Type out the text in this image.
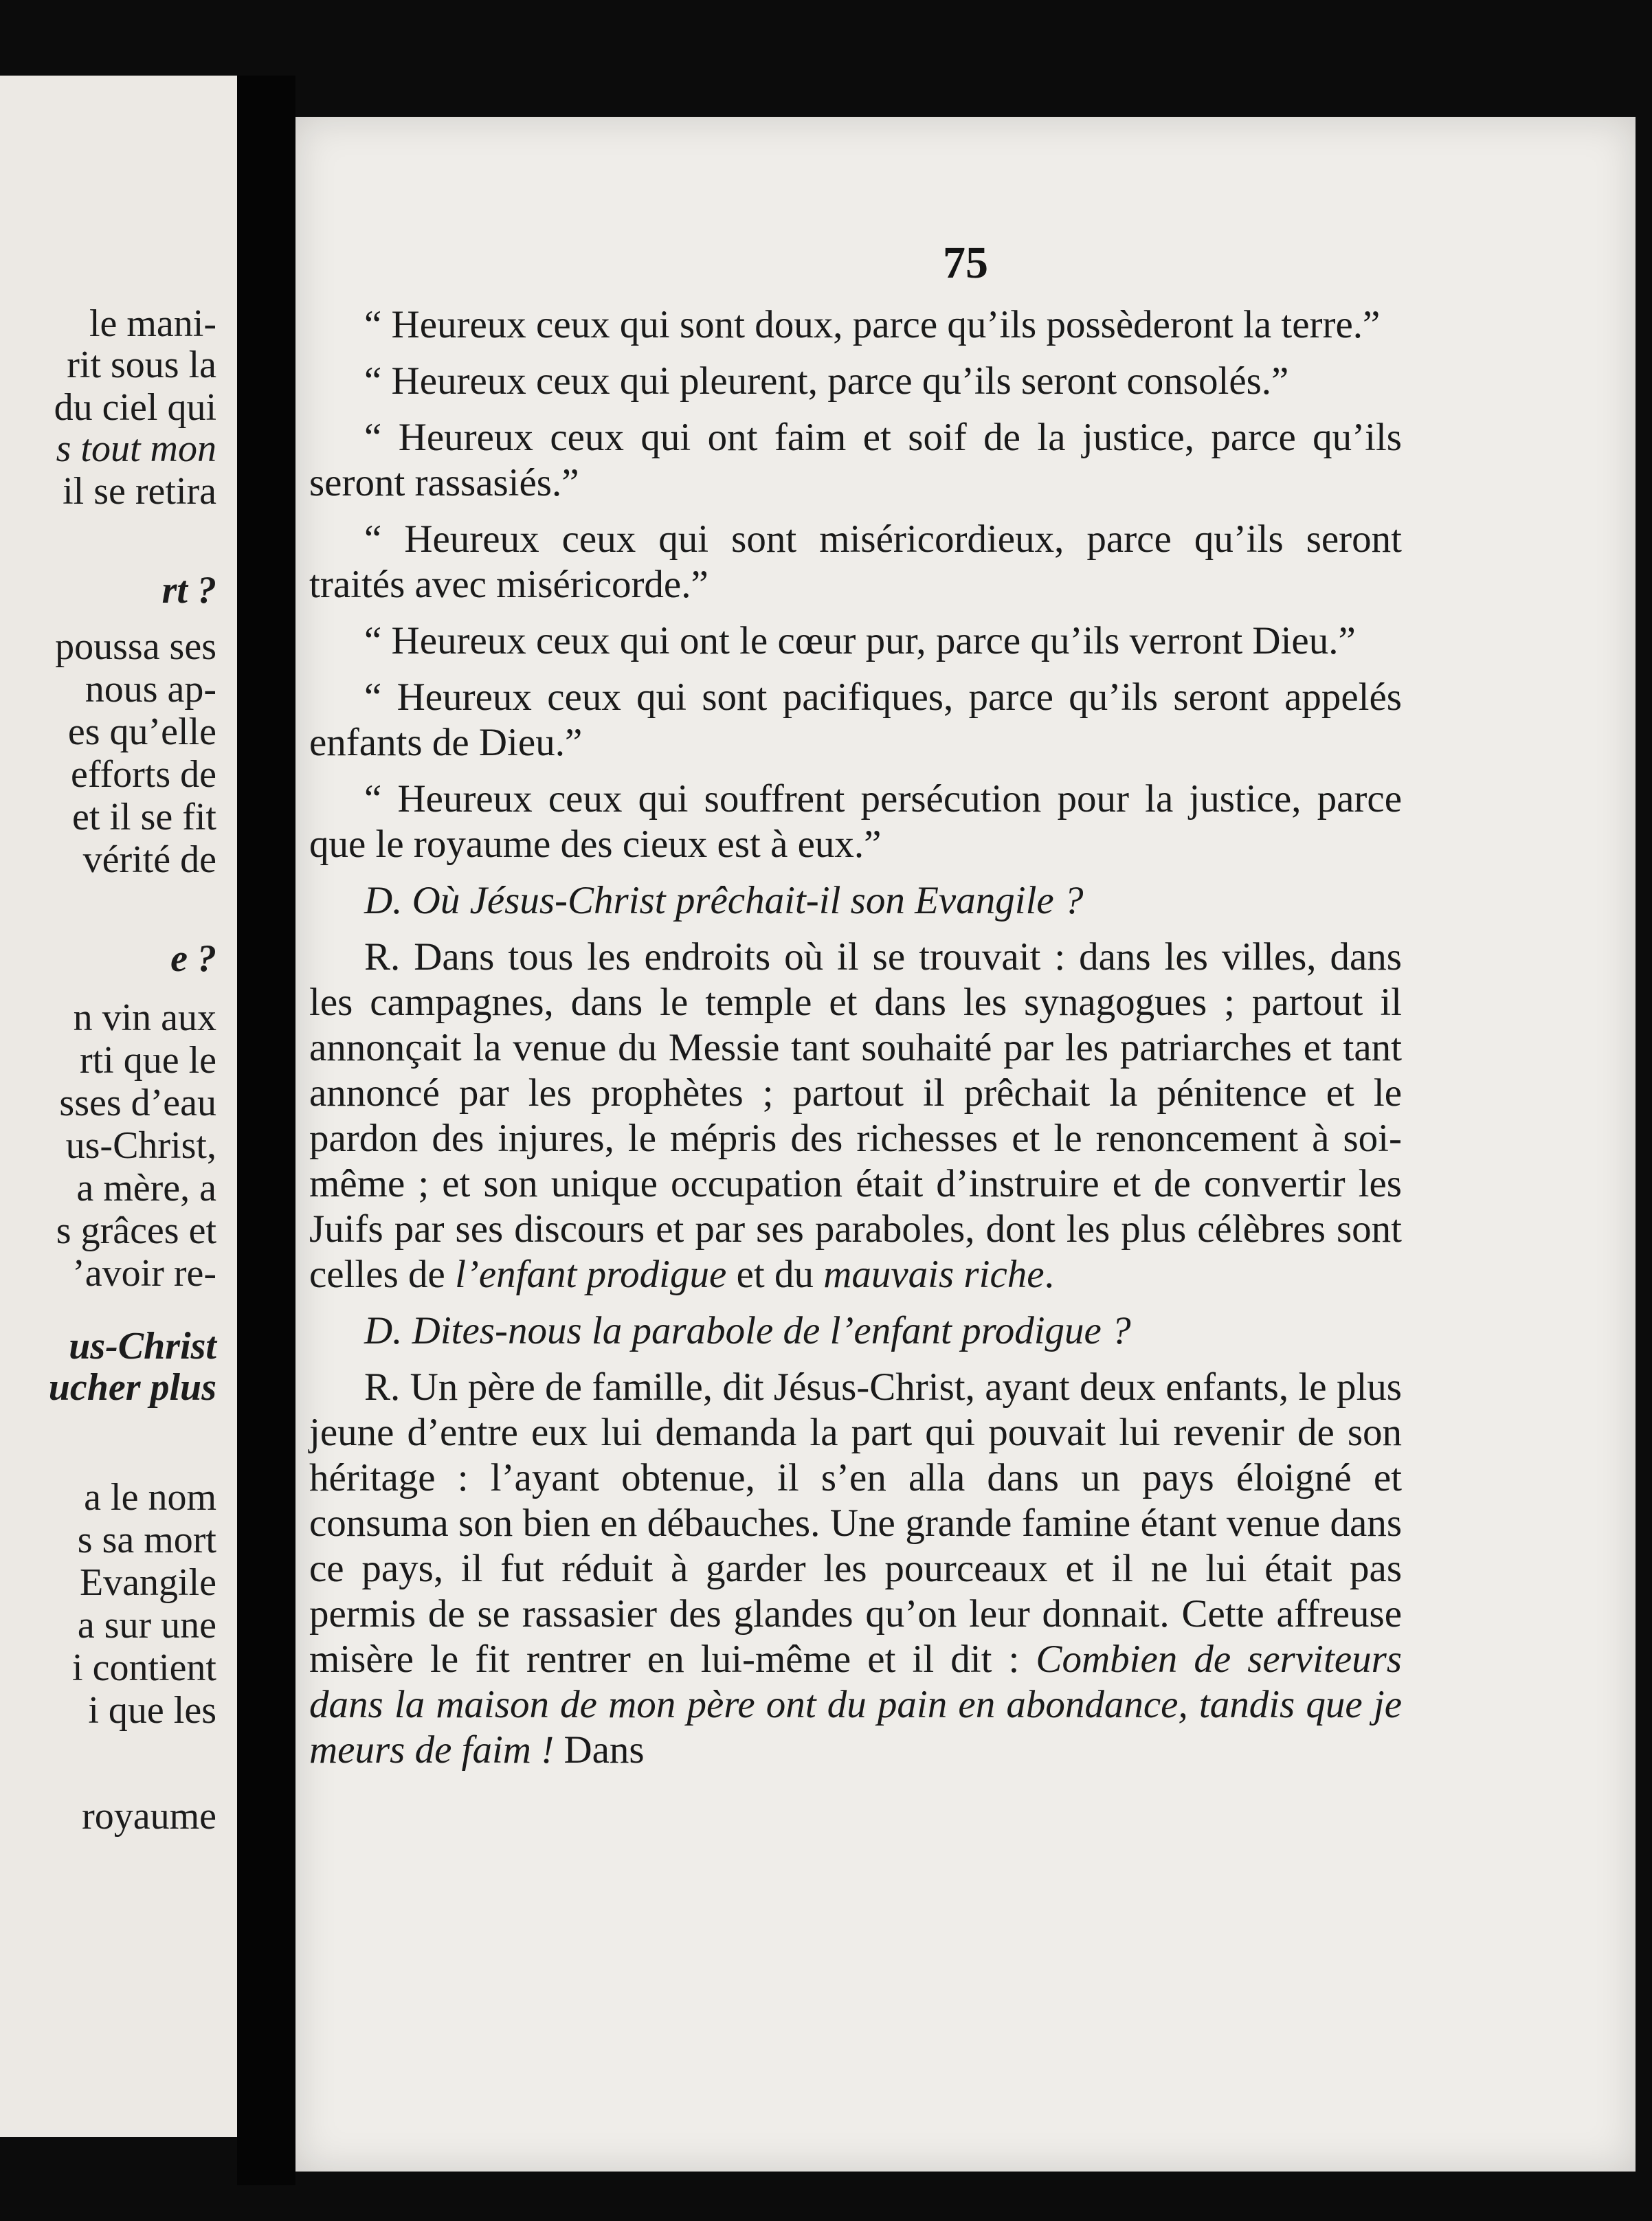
le mani-
rit sous la
du ciel qui
s tout mon
il se retira
rt ?
poussa ses
nous ap-
es qu’elle
efforts de
et il se fit
vérité de
e ?
n vin aux
rti que le
sses d’eau
us-Christ,
a mère, a
s grâces et
’avoir re-
us-Christ
ucher plus
a le nom
s sa mort
Evangile
a sur une
i contient
i que les
royaume
75

“ Heureux ceux qui sont doux, parce qu’ils possèderont la terre.”

“ Heureux ceux qui pleurent, parce qu’ils seront consolés.”

“ Heureux ceux qui ont faim et soif de la justice, parce qu’ils seront rassasiés.”

“ Heureux ceux qui sont miséricordieux, parce qu’ils seront traités avec miséricorde.”

“ Heureux ceux qui ont le cœur pur, parce qu’ils verront Dieu.”

“ Heureux ceux qui sont pacifiques, parce qu’ils seront appelés enfants de Dieu.”

“ Heureux ceux qui souffrent persécution pour la justice, parce que le royaume des cieux est à eux.”

D. Où Jésus-Christ prêchait-il son Evangile ?

R. Dans tous les endroits où il se trouvait : dans les villes, dans les campagnes, dans le temple et dans les synagogues ; partout il annonçait la venue du Messie tant souhaité par les patriarches et tant annoncé par les prophètes ; partout il prêchait la pénitence et le pardon des injures, le mépris des richesses et le renoncement à soi-même ; et son unique occupation était d’instruire et de convertir les Juifs par ses discours et par ses paraboles, dont les plus célèbres sont celles de l’enfant prodigue et du mauvais riche.

D. Dites-nous la parabole de l’enfant prodigue ?

R. Un père de famille, dit Jésus-Christ, ayant deux enfants, le plus jeune d’entre eux lui demanda la part qui pouvait lui revenir de son héritage : l’ayant obtenue, il s’en alla dans un pays éloigné et consuma son bien en débauches. Une grande famine étant venue dans ce pays, il fut réduit à garder les pourceaux et il ne lui était pas permis de se rassasier des glandes qu’on leur donnait. Cette affreuse misère le fit rentrer en lui-même et il dit : Combien de serviteurs dans la maison de mon père ont du pain en abondance, tandis que je meurs de faim ! Dans
